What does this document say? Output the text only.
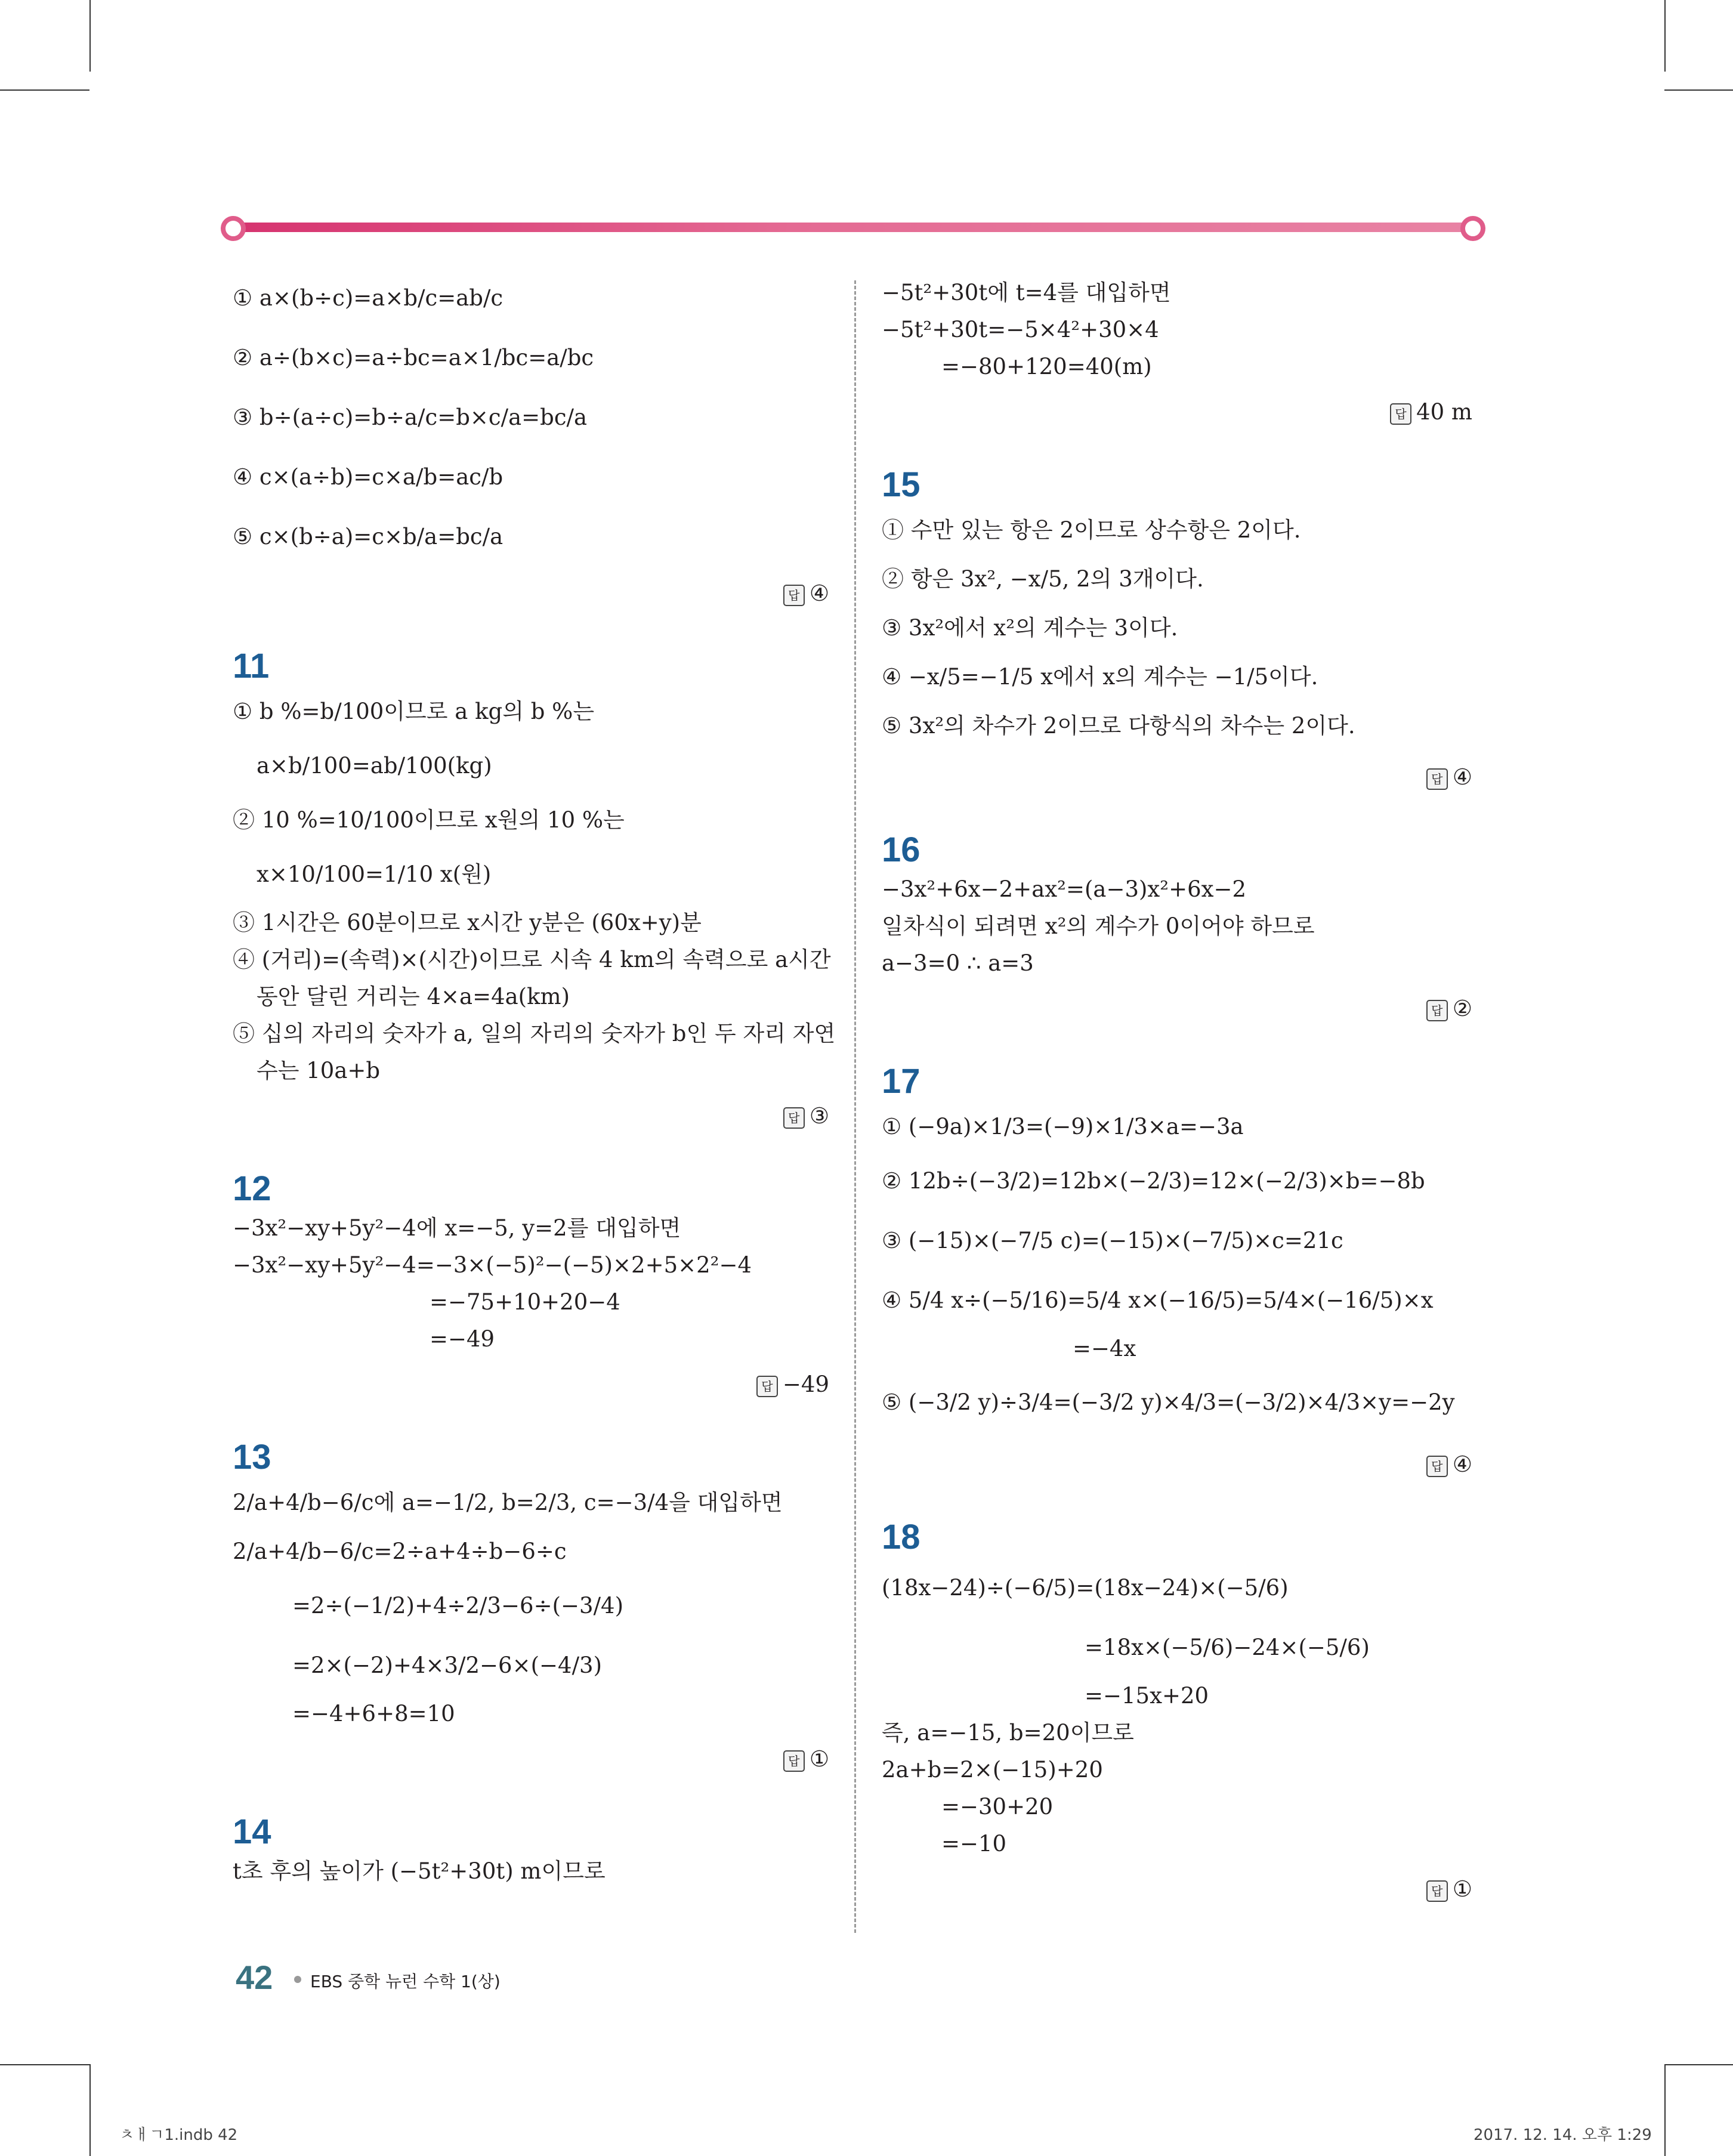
① a×(b÷c)=a×b/c=ab/c

② a÷(b×c)=a÷bc=a×1/bc=a/bc

③ b÷(a÷c)=b÷a/c=b×c/a=bc/a

④ c×(a÷b)=c×a/b=ac/b

⑤ c×(b÷a)=c×b/a=bc/a

답 ④

11

① b %=b/100이므로 a kg의 b %는

a×b/100=ab/100(kg)

② 10 %=10/100이므로 x원의 10 %는

x×10/100=1/10 x(원)

③ 1시간은 60분이므로 x시간 y분은 (60x+y)분

④ (거리)=(속력)×(시간)이므로 시속 4 km의 속력으로 a시간

동안 달린 거리는 4×a=4a(km)

⑤ 십의 자리의 숫자가 a, 일의 자리의 숫자가 b인 두 자리 자연

수는 10a+b

답 ③

12

−3x²−xy+5y²−4에 x=−5, y=2를 대입하면

−3x²−xy+5y²−4=−3×(−5)²−(−5)×2+5×2²−4

=−75+10+20−4

=−49

답 −49

13

2/a+4/b−6/c에 a=−1/2, b=2/3, c=−3/4을 대입하면

2/a+4/b−6/c=2÷a+4÷b−6÷c

=2÷(−1/2)+4÷2/3−6÷(−3/4)

=2×(−2)+4×3/2−6×(−4/3)

=−4+6+8=10

답 ①

14

t초 후의 높이가 (−5t²+30t) m이므로

−5t²+30t에 t=4를 대입하면

−5t²+30t=−5×4²+30×4

=−80+120=40(m)

답 40 m

15

① 수만 있는 항은 2이므로 상수항은 2이다.

② 항은 3x², −x/5, 2의 3개이다.

③ 3x²에서 x²의 계수는 3이다.

④ −x/5=−1/5 x에서 x의 계수는 −1/5이다.

⑤ 3x²의 차수가 2이므로 다항식의 차수는 2이다.

답 ④

16

−3x²+6x−2+ax²=(a−3)x²+6x−2

일차식이 되려면 x²의 계수가 0이어야 하므로

a−3=0 ∴ a=3

답 ②

17

① (−9a)×1/3=(−9)×1/3×a=−3a

② 12b÷(−3/2)=12b×(−2/3)=12×(−2/3)×b=−8b

③ (−15)×(−7/5 c)=(−15)×(−7/5)×c=21c

④ 5/4 x÷(−5/16)=5/4 x×(−16/5)=5/4×(−16/5)×x

=−4x

⑤ (−3/2 y)÷3/4=(−3/2 y)×4/3=(−3/2)×4/3×y=−2y

답 ④

18

(18x−24)÷(−6/5)=(18x−24)×(−5/6)

=18x×(−5/6)−24×(−5/6)

=−15x+20

즉, a=−15, b=20이므로

2a+b=2×(−15)+20

=−30+20

=−10

답 ①

42 EBS 중학 뉴런 수학 1(상)
ㅊㅐㄱ1.indb 42	2017. 12. 14. 오후 1:29
